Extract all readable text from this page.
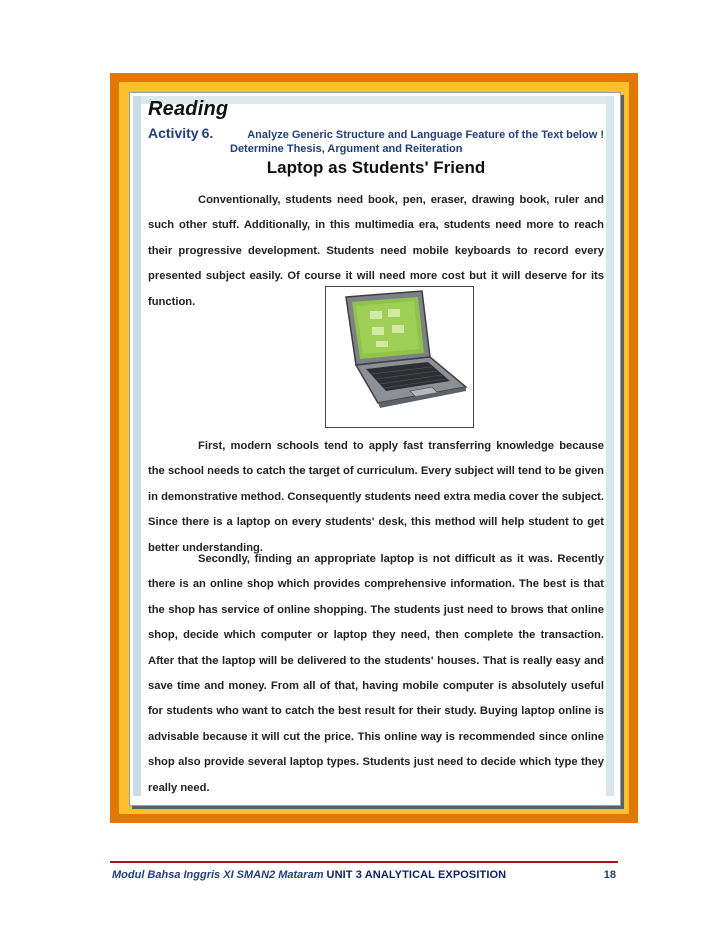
Reading
Activity 6.	Analyze Generic Structure and Language Feature of the Text below !
Determine Thesis, Argument and Reiteration
Laptop as Students' Friend
Conventionally, students need book, pen, eraser, drawing book, ruler and such other stuff. Additionally, in this multimedia era, students need more to reach their progressive development. Students need mobile keyboards to record every presented subject easily. Of course it will need more cost but it will deserve for its function.
First, modern schools tend to apply fast transferring knowledge because the school needs to catch the target of curriculum. Every subject will tend to be given in demonstrative method. Consequently students need extra media cover the subject. Since there is a laptop on every students' desk, this method will help student to get better understanding.
Secondly, finding an appropriate laptop is not difficult as it was. Recently there is an online shop which provides comprehensive information. The best is that the shop has service of online shopping. The students just need to brows that online shop, decide which computer or laptop they need, then complete the transaction. After that the laptop will be delivered to the students' houses. That is really easy and save time and money. From all of that, having mobile computer is absolutely useful for students who want to catch the best result for their study. Buying laptop online is advisable because it will cut the price. This online way is recommended since online shop also provide several laptop types. Students just need to decide which type they really need.
Modul Bahsa Inggris XI SMAN2 Mataram UNIT 3 ANALYTICAL EXPOSITION	18
